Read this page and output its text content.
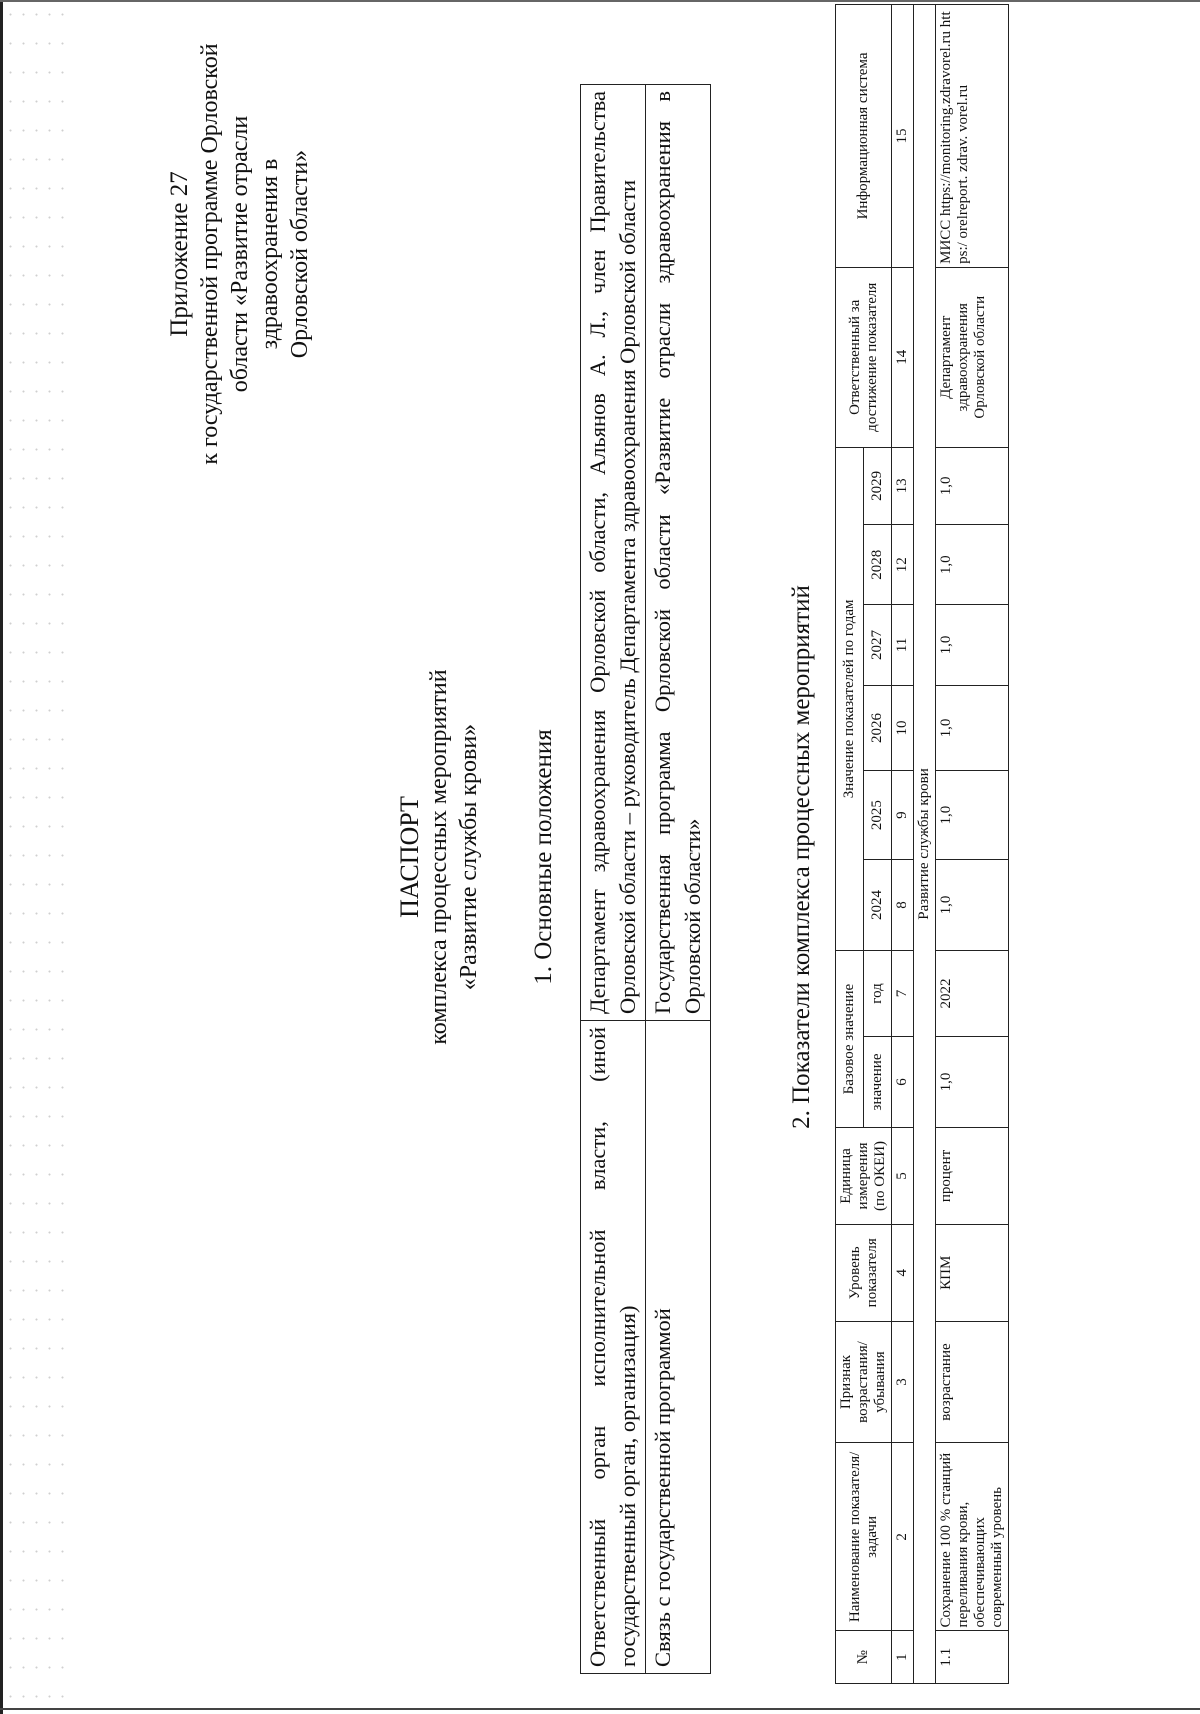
Приложение 27 к государственной программе Орловской области «Развитие отрасли здравоохранения в Орловской области»
ПАСПОРТ комплекса процессных мероприятий «Развитие службы крови» 1. Основные положения
Ответственный орган исполнительной власти, (иной государственный орган, организация)	Департамент здравоохранения Орловской области, Альянов А. Л., член Правительства Орловской области – руководитель Департамента здравоохранения Орловской области
Связь с государственной программой	Государственная программа Орловской области «Развитие отрасли здравоохранения в Орловской области»	2. Показатели комплекса процессных мероприятий
№	Наименование показателя/ задачи	Признак возрастания/ убывания	Уровень показателя	Единица измерения (по ОКЕИ)	Базовое значение		Значение показателей по годам						Ответственный за достижение показателя	Информационная система
					значение	год	2024	2025	2026	2027	2028	2029		
1	2	3	4	5	6	7	8	9	10	11	12	13	14	15
Развитие службы крови														
1.1	Сохранение 100 % станций переливания крови, обеспечивающих современный уровень	возрастание	КПМ	процент	1,0	2022	1,0	1,0	1,0	1,0	1,0	1,0	Департамент здравоохранения Орловской области	МИСС https://monitoring.zdravorel.ru https:/ orelreport. zdrav. vorel.ru
